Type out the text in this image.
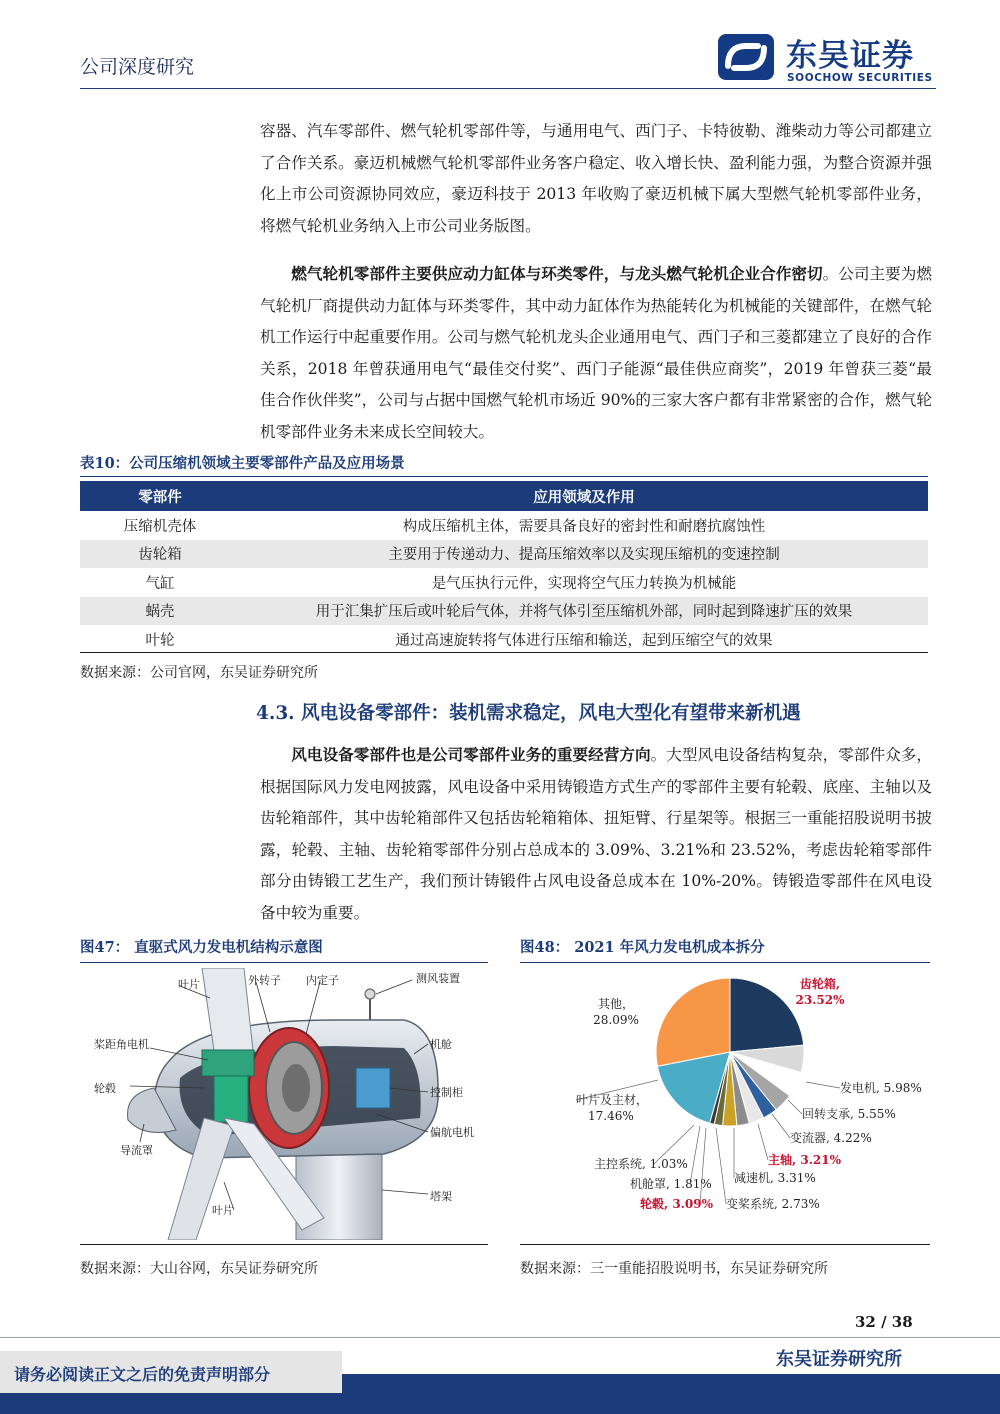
公司深度研究	东吴证券
SOOCHOW SECURITIES

容器、汽车零部件、燃气轮机零部件等，与通用电气、西门子、卡特彼勒、潍柴动力等公司都建立了合作关系。豪迈机械燃气轮机零部件业务客户稳定、收入增长快、盈利能力强，为整合资源并强化上市公司资源协同效应，豪迈科技于 2013 年收购了豪迈机械下属大型燃气轮机零部件业务，将燃气轮机业务纳入上市公司业务版图。

燃气轮机零部件主要供应动力缸体与环类零件，与龙头燃气轮机企业合作密切。公司主要为燃气轮机厂商提供动力缸体与环类零件，其中动力缸体作为热能转化为机械能的关键部件，在燃气轮机工作运行中起重要作用。公司与燃气轮机龙头企业通用电气、西门子和三菱都建立了良好的合作关系，2018 年曾获通用电气“最佳交付奖”、西门子能源“最佳供应商奖”，2019 年曾获三菱“最佳合作伙伴奖”，公司与占据中国燃气轮机市场近 90%的三家大客户都有非常紧密的合作，燃气轮机零部件业务未来成长空间较大。

表10：公司压缩机领域主要零部件产品及应用场景
零部件	应用领域及作用
压缩机壳体	构成压缩机主体，需要具备良好的密封性和耐磨抗腐蚀性
齿轮箱	主要用于传递动力、提高压缩效率以及实现压缩机的变速控制
气缸	是气压执行元件，实现将空气压力转换为机械能
蜗壳	用于汇集扩压后或叶轮后气体，并将气体引至压缩机外部，同时起到降速扩压的效果
叶轮	通过高速旋转将气体进行压缩和输送，起到压缩空气的效果
数据来源：公司官网，东吴证券研究所
4.3. 风电设备零部件：装机需求稳定，风电大型化有望带来新机遇

风电设备零部件也是公司零部件业务的重要经营方向。大型风电设备结构复杂，零部件众多，根据国际风力发电网披露，风电设备中采用铸锻造方式生产的零部件主要有轮毂、底座、主轴以及齿轮箱部件，其中齿轮箱部件又包括齿轮箱箱体、扭矩臂、行星架等。根据三一重能招股说明书披露，轮毂、主轴、齿轮箱零部件分别占总成本的 3.09%、3.21%和 23.52%，考虑齿轮箱零部件部分由铸锻工艺生产，我们预计铸锻件占风电设备总成本在 10%-20%。铸锻造零部件在风电设备中较为重要。

图47： 直驱式风力发电机结构示意图
叶片	外转子 内定子	测风装置
桨距角电机	机舱
轮毂	控制柜
偏航电机
导流罩
塔架
叶片
数据来源：大山谷网，东吴证券研究所
图48： 2021 年风力发电机成本拆分
齿轮箱,
23.52%
发电机, 5.98%
回转支承, 5.55%
变流器, 4.22%
主轴, 3.21%
减速机, 3.31%
变桨系统, 2.73%
轮毂, 3.09%
机舱罩, 1.81%
主控系统, 1.03%
叶片及主材，
17.46%
其他，
28.09%
数据来源：三一重能招股说明书，东吴证券研究所
32 / 38
请务必阅读正文之后的免责声明部分
东吴证券研究所
